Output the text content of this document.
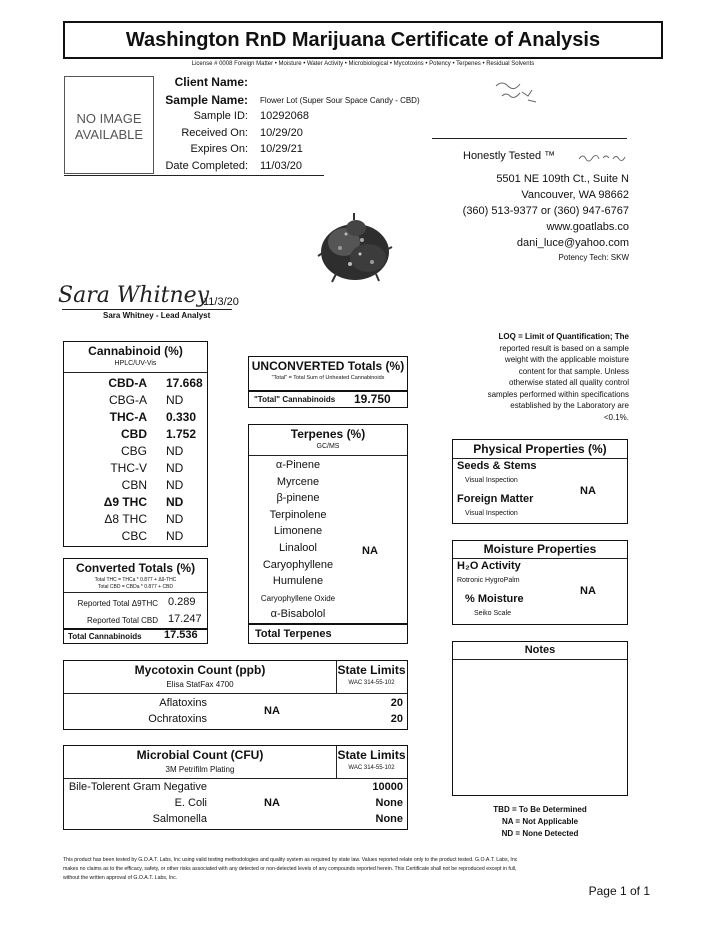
Washington RnD Marijuana Certificate of Analysis
License # 0008 Foreign Matter • Moisture • Water Activity • Microbiological • Mycotoxins • Potency • Terpenes • Residual Solvents
NO IMAGE
AVAILABLE
Client Name:
Sample Name: Flower Lot (Super Sour Space Candy - CBD)
Sample ID: 10292068
Received On: 10/29/20
Expires On: 10/29/21
Date Completed: 11/03/20
Honestly Tested ™
5501 NE 109th Ct., Suite N
Vancouver, WA 98662
(360) 513-9377 or (360) 947-6767
www.goatlabs.co
dani_luce@yahoo.com
Potency Tech: SKW
Sara Whitney
11/3/20
Sara Whitney - Lead Analyst
LOQ = Limit of Quantification; The
reported result is based on a sample
weight with the applicable moisture
content for that sample. Unless
otherwise stated all quality control
samples performed within specifications
established by the Laboratory are
<0.1%.
Cannabinoid (%)
HPLC/UV-Vis
CBD-A 17.668
CBG-A ND
THC-A 0.330
CBD 1.752
CBG ND
THC-V ND
CBN ND
Δ9 THC ND
Δ8 THC ND
CBC ND
Converted Totals (%)
Total THC = THCa * 0.877 + Δ9-THC
Total CBD = CBDa * 0.877 + CBD
Reported Total Δ9THC 0.289
Reported Total CBD 17.247
Total Cannabinoids 17.536
UNCONVERTED Totals (%)
"Total" = Total Sum of Unheated Cannabinoids
"Total" Cannabinoids 19.750
Terpenes (%)
GC/MS
α-Pinene
Myrcene
β-pinene
Terpinolene
Limonene
Linalool
Caryophyllene
Humulene
Caryophyllene Oxide
α-Bisabolol
NA
Total Terpenes
Physical Properties (%)
Seeds & Stems
Visual Inspection
Foreign Matter
Visual Inspection
NA
Moisture Properties
H₂O Activity
Rotronic HygroPalm
% Moisture
Seiko Scale
NA
Notes
Mycotoxin Count (ppb)
Elisa StatFax 4700
State Limits
WAC 314-55-102
Aflatoxins	20
Ochratoxins	20
NA
Microbial Count (CFU)
3M Petrifilm Plating
State Limits
WAC 314-55-102
Bile-Tolerent Gram Negative	10000
E. Coli	None
Salmonella	None
NA
TBD = To Be Determined
NA = Not Applicable
ND = None Detected
This product has been tested by G.O.A.T. Labs, Inc using valid testing methodologies and quality system as required by state law. Values reported relate only to the product tested. G.O.A.T. Labs, Inc
makes no claims as to the efficacy, safety, or other risks associated with any detected or non-detected levels of any compounds reported herein. This Certificate shall not be reproduced except in full,
without the written approval of G.O.A.T. Labs, Inc.
Page 1 of 1
